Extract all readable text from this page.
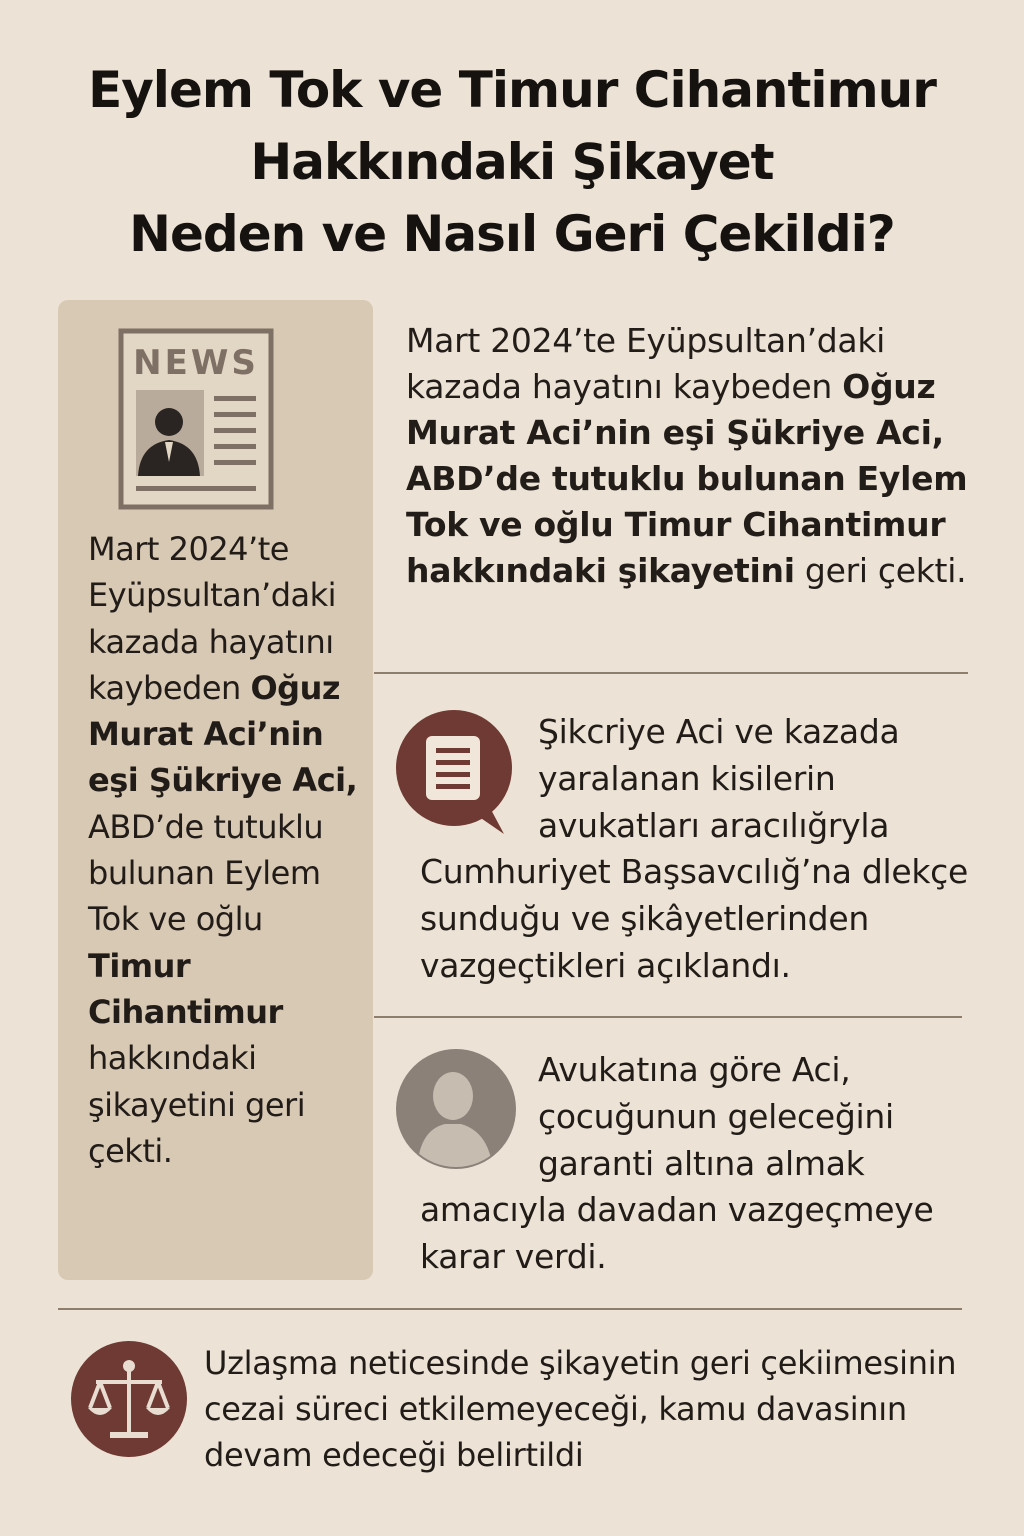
Eylem Tok ve Timur Cihantimur
Hakkındaki Şikayet
Neden ve Nasıl Geri Çekildi?
NEWS

Mart 2024’te Eyüpsultan’daki kazada hayatını kaybeden Oğuz Murat Aci’nin eşi Şükriye Aci, ABD’de tutuklu bulunan Eylem Tok ve oğlu Timur Cihantimur hakkındaki şikayetini geri çekti.

Mart 2024’te Eyüpsultan’daki kazada hayatını kaybeden Oğuz Murat Aci’nin eşi Şükriye Aci, ABD’de tutuklu bulunan Eylem Tok ve oğlu Timur Cihantimur hakkındaki şikayetini geri çekti.

Şikcriye Aci ve kazada
yaralanan kisilerin
avukatları aracılığryla
Cumhuriyet Başsavcılığ’na dlekçe
sunduğu ve şikâyetlerinden
vazgeçtikleri açıklandı.
Avukatına göre Aci,
çocuğunun geleceğini
garanti altına almak
amacıyla davadan vazgeçmeye
karar verdi.
Uzlaşma neticesinde şikayetin geri çekiimesinin
cezai süreci etkilemeyeceği, kamu davasinın
devam edeceği belirtildi
